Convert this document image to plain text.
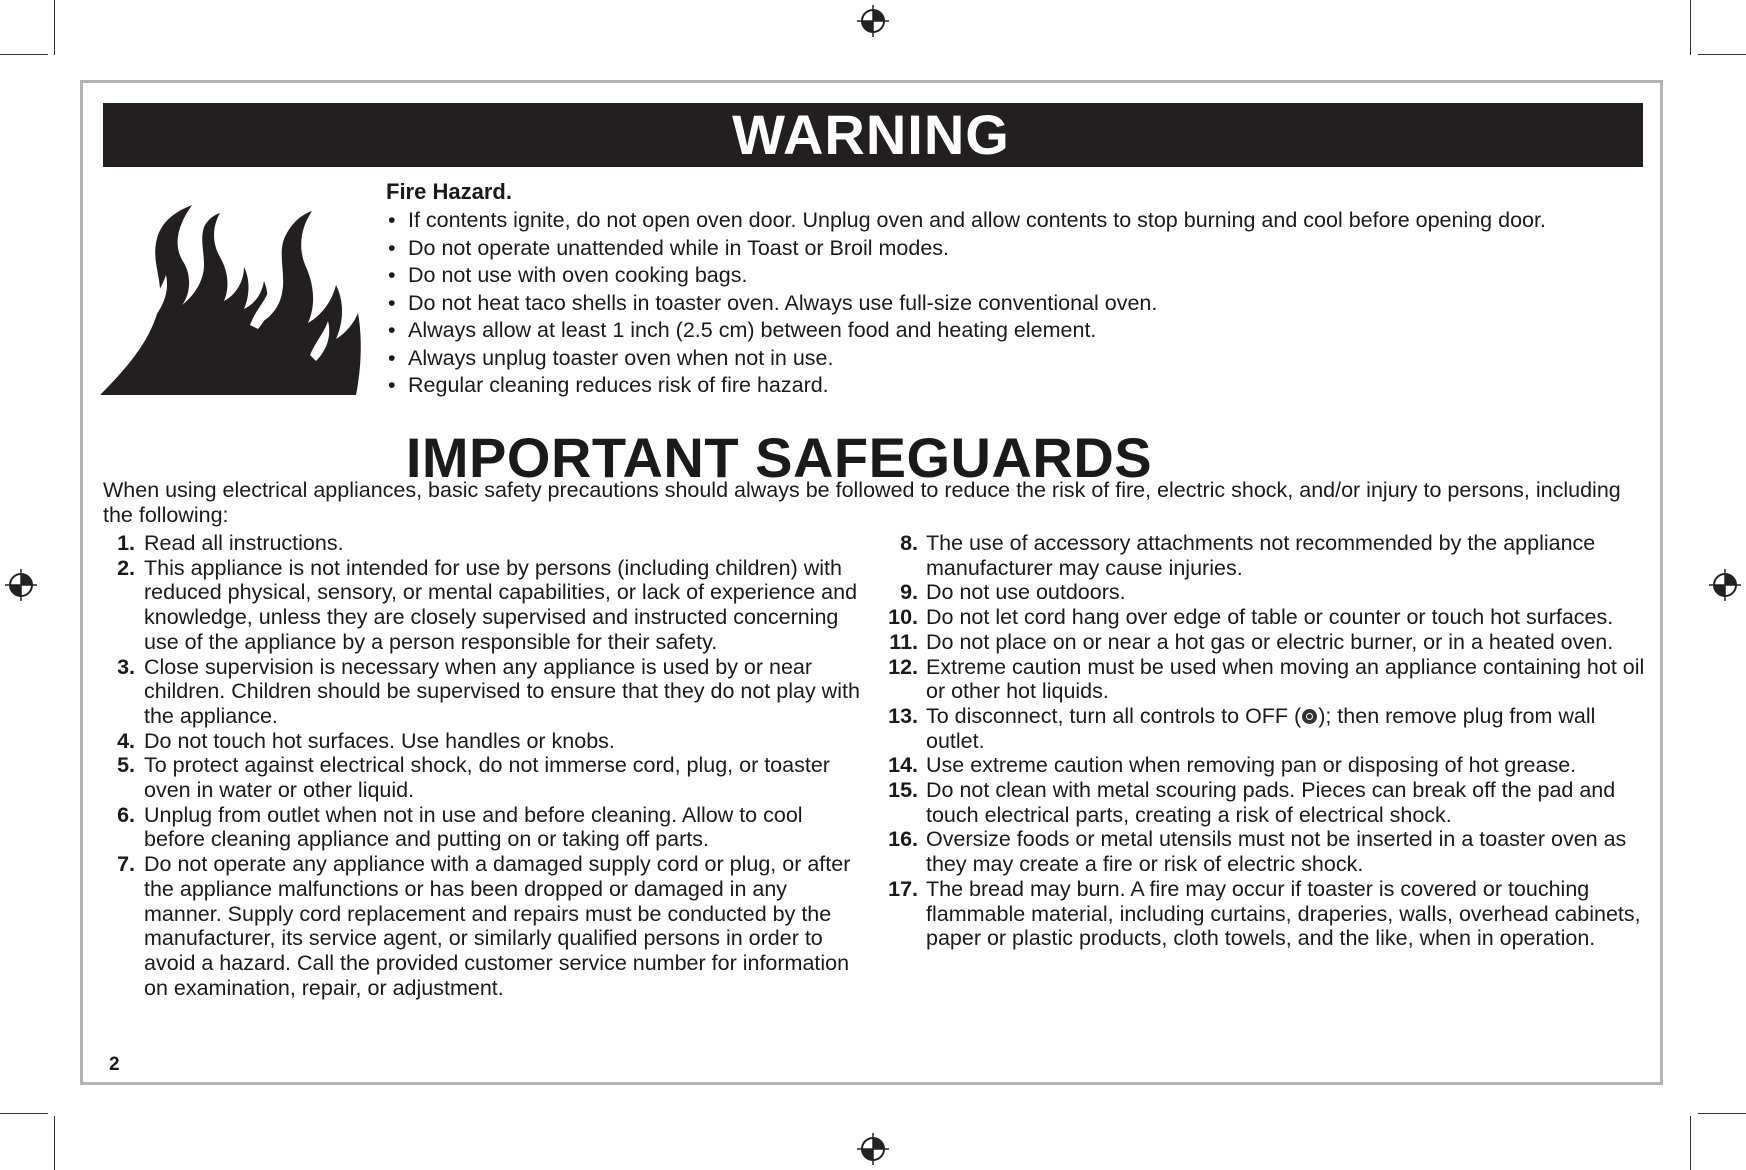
WARNING
Fire Hazard.
• If contents ignite, do not open oven door. Unplug oven and allow contents to stop burning and cool before opening door.
• Do not operate unattended while in Toast or Broil modes.
• Do not use with oven cooking bags.
• Do not heat taco shells in toaster oven. Always use full-size conventional oven.
• Always allow at least 1 inch (2.5 cm) between food and heating element.
• Always unplug toaster oven when not in use.
• Regular cleaning reduces risk of fire hazard.
IMPORTANT SAFEGUARDS
When using electrical appliances, basic safety precautions should always be followed to reduce the risk of fire, electric shock, and/or injury to persons, including the following:
1. Read all instructions.
2. This appliance is not intended for use by persons (including children) with reduced physical, sensory, or mental capabilities, or lack of experience and knowledge, unless they are closely supervised and instructed concerning use of the appliance by a person responsible for their safety.
3. Close supervision is necessary when any appliance is used by or near children. Children should be supervised to ensure that they do not play with the appliance.
4. Do not touch hot surfaces. Use handles or knobs.
5. To protect against electrical shock, do not immerse cord, plug, or toaster oven in water or other liquid.
6. Unplug from outlet when not in use and before cleaning. Allow to cool before cleaning appliance and putting on or taking off parts.
7. Do not operate any appliance with a damaged supply cord or plug, or after the appliance malfunctions or has been dropped or damaged in any manner. Supply cord replacement and repairs must be conducted by the manufacturer, its service agent, or similarly qualified persons in order to avoid a hazard. Call the provided customer service number for information on examination, repair, or adjustment.
8. The use of accessory attachments not recommended by the appliance manufacturer may cause injuries.
9. Do not use outdoors.
10. Do not let cord hang over edge of table or counter or touch hot surfaces.
11. Do not place on or near a hot gas or electric burner, or in a heated oven.
12. Extreme caution must be used when moving an appliance containing hot oil or other hot liquids.
13. To disconnect, turn all controls to OFF ( ); then remove plug from wall outlet.
14. Use extreme caution when removing pan or disposing of hot grease.
15. Do not clean with metal scouring pads. Pieces can break off the pad and touch electrical parts, creating a risk of electrical shock.
16. Oversize foods or metal utensils must not be inserted in a toaster oven as they may create a fire or risk of electric shock.
17. The bread may burn. A fire may occur if toaster is covered or touching flammable material, including curtains, draperies, walls, overhead cabinets, paper or plastic products, cloth towels, and the like, when in operation.
2
